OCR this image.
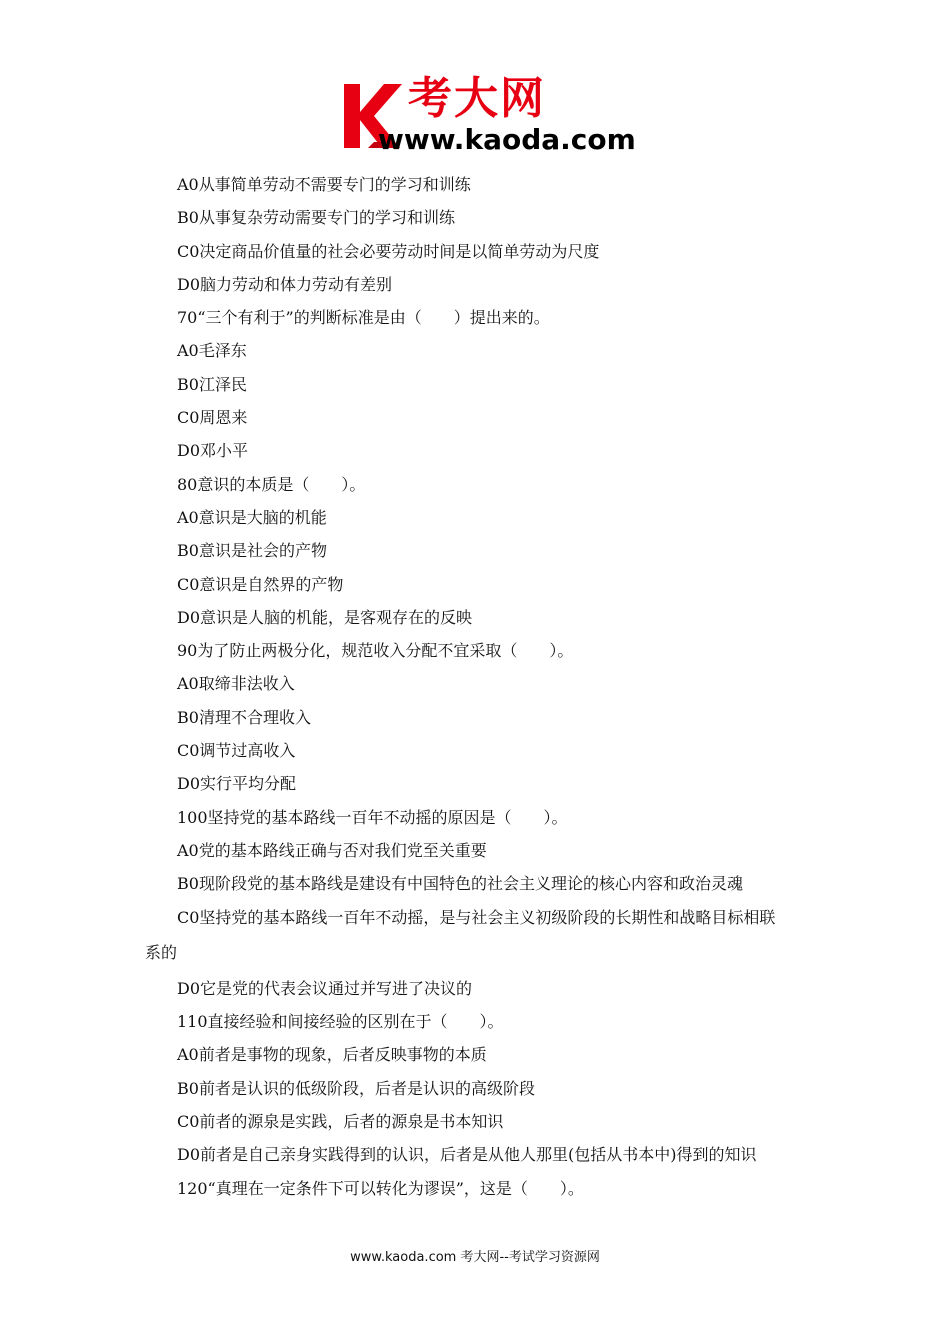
考大网
www.kaoda.com
A0从事简单劳动不需要专门的学习和训练
B0从事复杂劳动需要专门的学习和训练
C0决定商品价值量的社会必要劳动时间是以简单劳动为尺度
D0脑力劳动和体力劳动有差别
70“三个有利于”的判断标准是由（　　）提出来的。
A0毛泽东
B0江泽民
C0周恩来
D0邓小平
80意识的本质是（　　）。
A0意识是大脑的机能
B0意识是社会的产物
C0意识是自然界的产物
D0意识是人脑的机能，是客观存在的反映
90为了防止两极分化，规范收入分配不宜采取（　　）。
A0取缔非法收入
B0清理不合理收入
C0调节过高收入
D0实行平均分配
100坚持党的基本路线一百年不动摇的原因是（　　）。
A0党的基本路线正确与否对我们党至关重要
B0现阶段党的基本路线是建设有中国特色的社会主义理论的核心内容和政治灵魂
C0坚持党的基本路线一百年不动摇，是与社会主义初级阶段的长期性和战略目标相联
系的
D0它是党的代表会议通过并写进了决议的
110直接经验和间接经验的区别在于（　　）。
A0前者是事物的现象，后者反映事物的本质
B0前者是认识的低级阶段，后者是认识的高级阶段
C0前者的源泉是实践，后者的源泉是书本知识
D0前者是自己亲身实践得到的认识，后者是从他人那里(包括从书本中)得到的知识
120“真理在一定条件下可以转化为谬误”，这是（　　）。
www.kaoda.com 考大网--考试学习资源网
